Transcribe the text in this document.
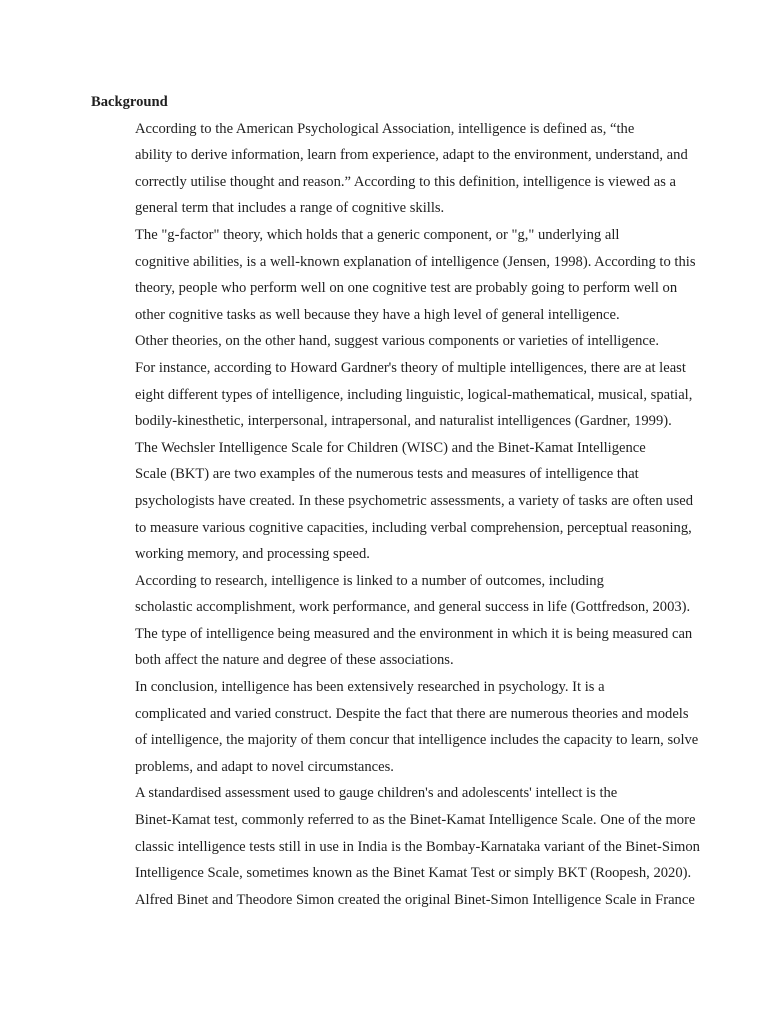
Background
According to the American Psychological Association, intelligence is defined as, “the
ability to derive information, learn from experience, adapt to the environment, understand, and
correctly utilise thought and reason.” According to this definition, intelligence is viewed as a
general term that includes a range of cognitive skills.
The "g-factor" theory, which holds that a generic component, or "g," underlying all
cognitive abilities, is a well-known explanation of intelligence (Jensen, 1998). According to this
theory, people who perform well on one cognitive test are probably going to perform well on
other cognitive tasks as well because they have a high level of general intelligence.
Other theories, on the other hand, suggest various components or varieties of intelligence.
For instance, according to Howard Gardner's theory of multiple intelligences, there are at least
eight different types of intelligence, including linguistic, logical-mathematical, musical, spatial,
bodily-kinesthetic, interpersonal, intrapersonal, and naturalist intelligences (Gardner, 1999).
The Wechsler Intelligence Scale for Children (WISC) and the Binet-Kamat Intelligence
Scale (BKT) are two examples of the numerous tests and measures of intelligence that
psychologists have created. In these psychometric assessments, a variety of tasks are often used
to measure various cognitive capacities, including verbal comprehension, perceptual reasoning,
working memory, and processing speed.
According to research, intelligence is linked to a number of outcomes, including
scholastic accomplishment, work performance, and general success in life (Gottfredson, 2003).
The type of intelligence being measured and the environment in which it is being measured can
both affect the nature and degree of these associations.
In conclusion, intelligence has been extensively researched in psychology. It is a
complicated and varied construct. Despite the fact that there are numerous theories and models
of intelligence, the majority of them concur that intelligence includes the capacity to learn, solve
problems, and adapt to novel circumstances.
A standardised assessment used to gauge children's and adolescents' intellect is the
Binet-Kamat test, commonly referred to as the Binet-Kamat Intelligence Scale. One of the more
classic intelligence tests still in use in India is the Bombay-Karnataka variant of the Binet-Simon
Intelligence Scale, sometimes known as the Binet Kamat Test or simply BKT (Roopesh, 2020).
Alfred Binet and Theodore Simon created the original Binet-Simon Intelligence Scale in France
